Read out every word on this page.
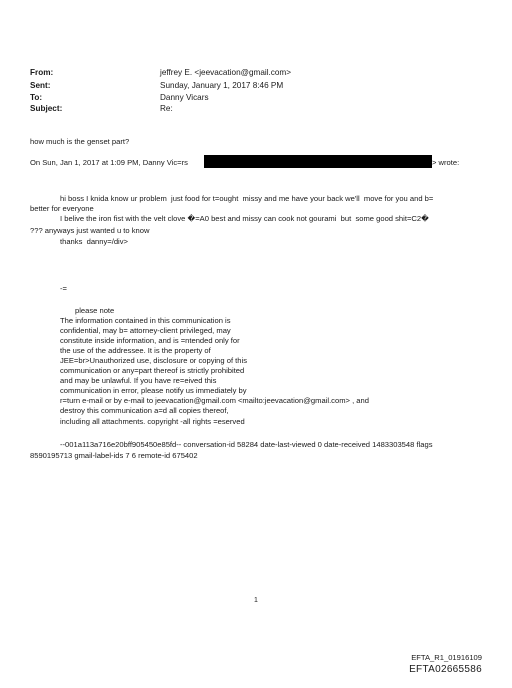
From:	jeffrey E. <jeevacation@gmail.com>
Sent:	Sunday, January 1, 2017 8:46 PM
To:	Danny Vicars
Subject:	Re:
how much is the genset part?
On Sun, Jan 1, 2017 at 1:09 PM, Danny Vic=rs	> wrote:
hi boss I knida know ur problem  just food for t=ought  missy and me have your back we'll  move for you and b=
better for everyone
I belive the iron fist with the velt clove �=A0 best and missy can cook not gourami  but  some good shit=C2�
??? anyways just wanted u to know
thanks  danny=/div>
-=
please note
The information contained in this communication is
confidential, may b= attorney-client privileged, may
constitute inside information, and is =ntended only for
the use of the addressee. It is the property of
JEE=br>Unauthorized use, disclosure or copying of this
communication or any=part thereof is strictly prohibited
and may be unlawful. If you have re=eived this
communication in error, please notify us immediately by
r=turn e-mail or by e-mail to jeevacation@gmail.com <mailto:jeevacation@gmail.com> , and
destroy this communication a=d all copies thereof,
including all attachments. copyright -all rights =eserved
--001a113a716e20bff905450e85fd-- conversation-id 58284 date-last-viewed 0 date-received 1483303548 flags
8590195713 gmail-label-ids 7 6 remote-id 675402
1
EFTA_R1_01916109
EFTA02665586
